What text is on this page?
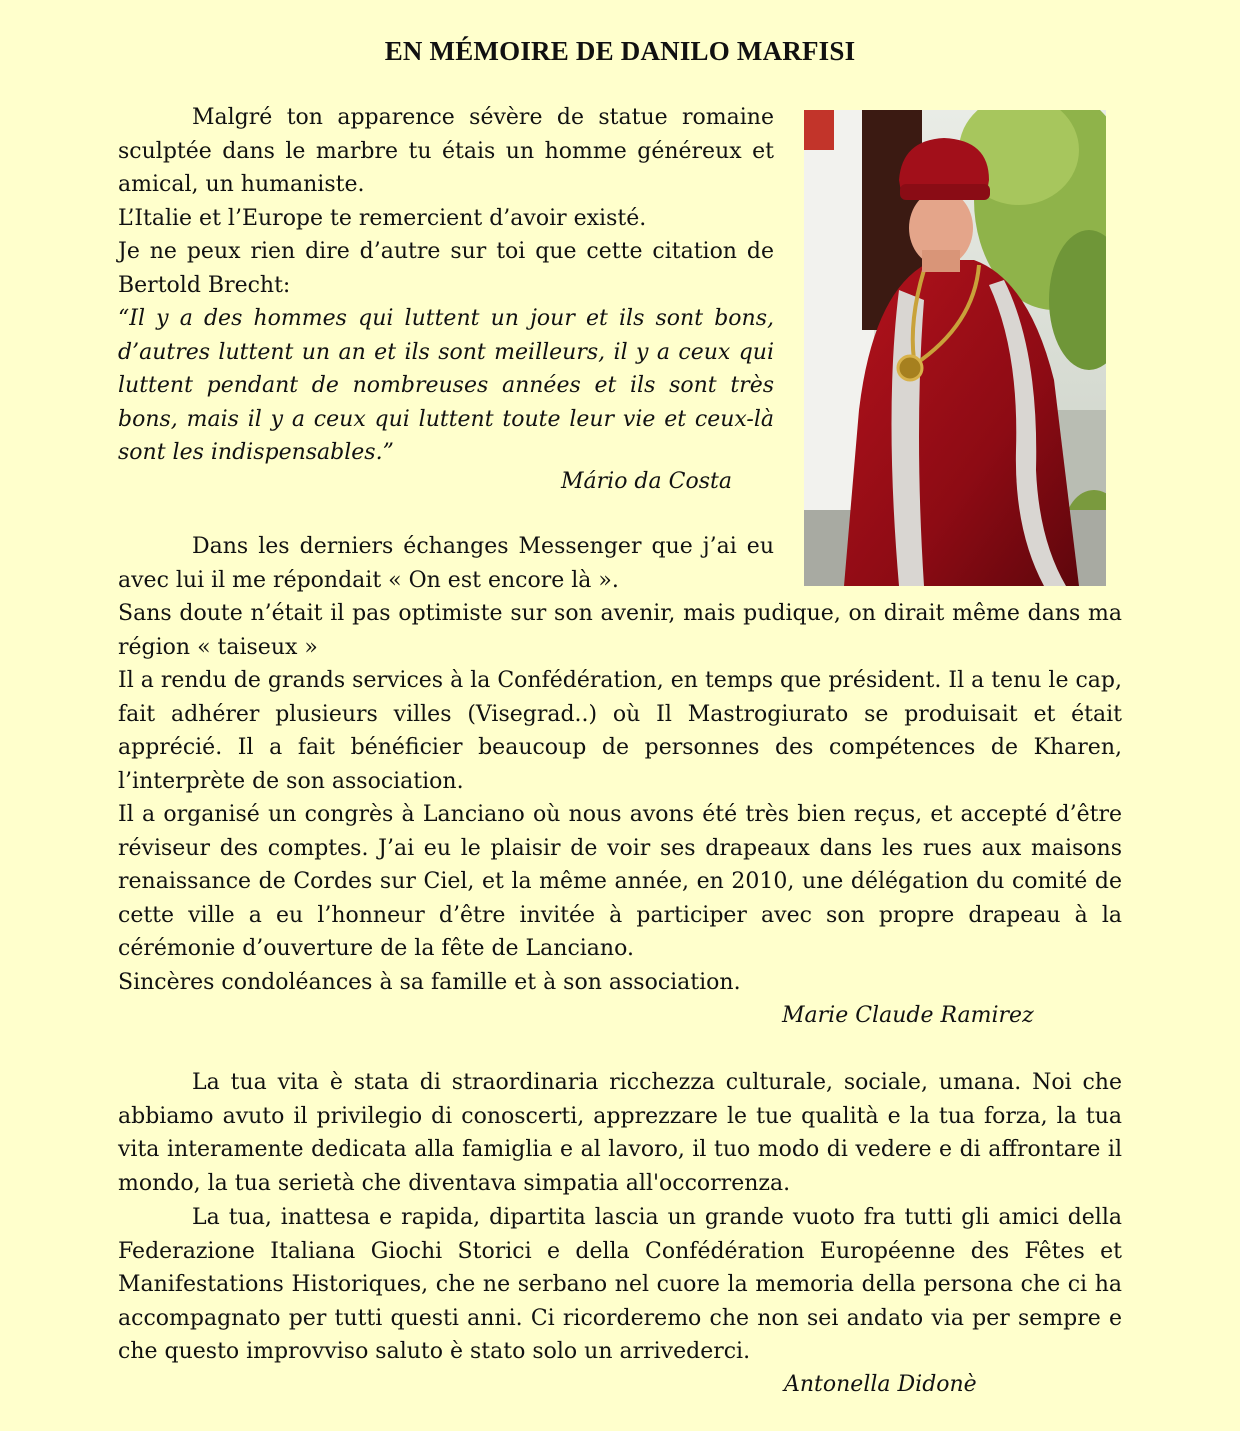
EN MÉMOIRE DE DANILO MARFISI

Malgré ton apparence sévère de statue romaine sculptée dans le marbre tu étais un homme généreux et amical, un humaniste.

L’Italie et l’Europe te remercient d’avoir existé.

Je ne peux rien dire d’autre sur toi que cette citation de Bertold Brecht:

“Il y a des hommes qui luttent un jour et ils sont bons, d’autres luttent un an et ils sont meilleurs, il y a ceux qui luttent pendant de nombreuses années et ils sont très bons, mais il y a ceux qui luttent toute leur vie et ceux-là sont les indispensables.”

Mário da Costa

Dans les derniers échanges Messenger que j’ai eu avec lui il me répondait « On est encore là ».

Sans doute n’était il pas optimiste sur son avenir, mais pudique, on dirait même dans ma région « taiseux »

Il a rendu de grands services à la Confédération, en temps que président. Il a tenu le cap, fait adhérer plusieurs villes (Visegrad..) où Il Mastrogiurato se produisait et était apprécié. Il a fait bénéficier beaucoup de personnes des compétences de Kharen, l’interprète de son association.

Il a organisé un congrès à Lanciano où nous avons été très bien reçus, et accepté d’être réviseur des comptes. J’ai eu le plaisir de voir ses drapeaux dans les rues aux maisons renaissance de Cordes sur Ciel, et la même année, en 2010, une délégation du comité de cette ville a eu l’honneur d’être invitée à participer avec son propre drapeau à la cérémonie d’ouverture de la fête de Lanciano.

Sincères condoléances à sa famille et à son association.

Marie Claude Ramirez

La tua vita è stata di straordinaria ricchezza culturale, sociale, umana. Noi che abbiamo avuto il privilegio di conoscerti, apprezzare le tue qualità e la tua forza, la tua vita interamente dedicata alla famiglia e al lavoro, il tuo modo di vedere e di affrontare il mondo, la tua serietà che diventava simpatia all'occorrenza.

La tua, inattesa e rapida, dipartita lascia un grande vuoto fra tutti gli amici della Federazione Italiana Giochi Storici e della Confédération Européenne des Fêtes et Manifestations Historiques, che ne serbano nel cuore la memoria della persona che ci ha accompagnato per tutti questi anni. Ci ricorderemo che non sei andato via per sempre e che questo improvviso saluto è stato solo un arrivederci.

Antonella Didonè
